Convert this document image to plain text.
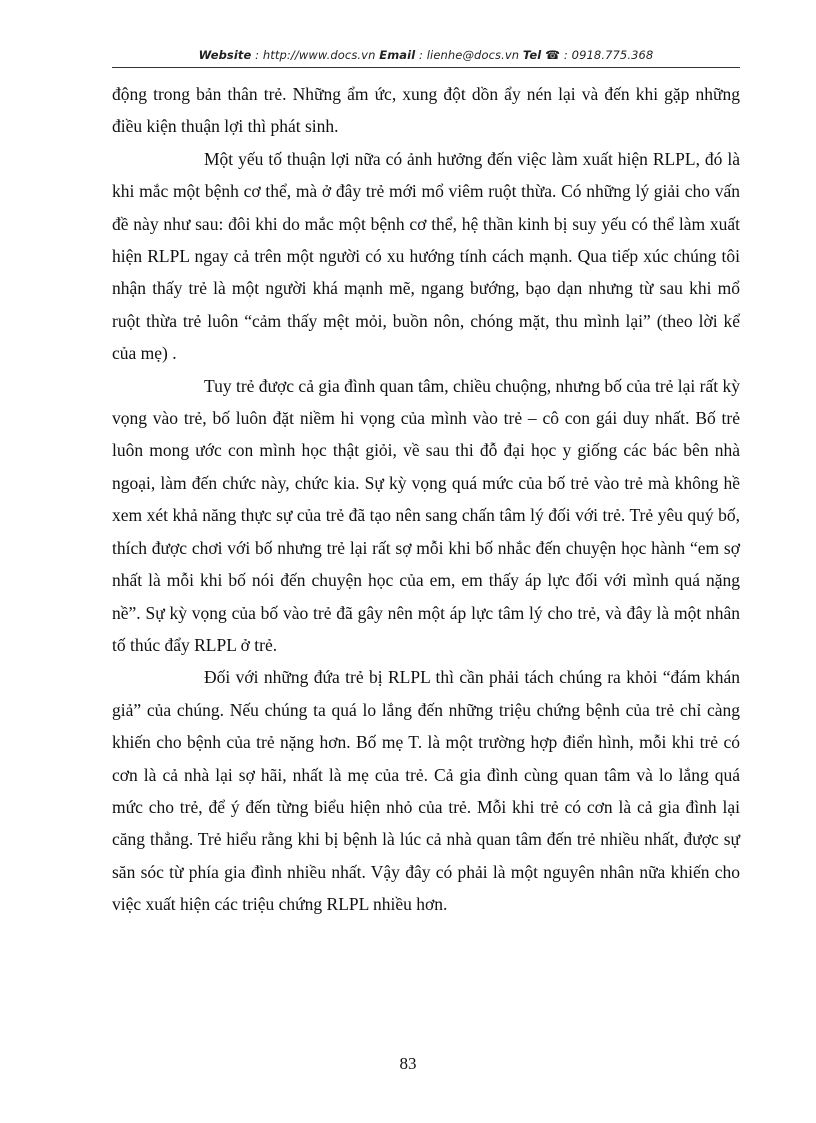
Website : http://www.docs.vn Email : lienhe@docs.vn Tel ☎ : 0918.775.368

động trong bản thân trẻ. Những ẩm ức, xung đột dồn ẩy nén lại và đến khi gặp những điều kiện thuận lợi thì phát sinh.

Một yếu tố thuận lợi nữa có ảnh hưởng đến việc làm xuất hiện RLPL, đó là khi mắc một bệnh cơ thể, mà ở đây trẻ mới mổ viêm ruột thừa. Có những lý giải cho vấn đề này như sau: đôi khi do mắc một bệnh cơ thể, hệ thần kinh bị suy yếu có thể làm xuất hiện RLPL ngay cả trên một người có xu hướng tính cách mạnh. Qua tiếp xúc chúng tôi nhận thấy trẻ là một người khá mạnh mẽ, ngang bướng, bạo dạn nhưng từ sau khi mổ ruột thừa trẻ luôn “cảm thấy mệt mỏi, buồn nôn, chóng mặt, thu mình lại” (theo lời kể của mẹ) .

Tuy trẻ được cả gia đình quan tâm, chiều chuộng, nhưng bố của trẻ lại rất kỳ vọng vào trẻ, bố luôn đặt niềm hi vọng của mình vào trẻ – cô con gái duy nhất. Bố trẻ luôn mong ước con mình học thật giỏi, về sau thi đỗ đại học y giống các bác bên nhà ngoại, làm đến chức này, chức kia. Sự kỳ vọng quá mức của bố trẻ vào trẻ mà không hề xem xét khả năng thực sự của trẻ đã tạo nên sang chấn tâm lý đối với trẻ. Trẻ yêu quý bố, thích được chơi với bố nhưng trẻ lại rất sợ mỗi khi bố nhắc đến chuyện học hành “em sợ nhất là mỗi khi bố nói đến chuyện học của em, em thấy áp lực đối với mình quá nặng nề”. Sự kỳ vọng của bố vào trẻ đã gây nên một áp lực tâm lý cho trẻ, và đây là một nhân tố thúc đẩy RLPL ở trẻ.

Đối với những đứa trẻ bị RLPL thì cần phải tách chúng ra khỏi “đám khán giả” của chúng. Nếu chúng ta quá lo lắng đến những triệu chứng bệnh của trẻ chỉ càng khiến cho bệnh của trẻ nặng hơn. Bố mẹ T. là một trường hợp điển hình, mỗi khi trẻ có cơn là cả nhà lại sợ hãi, nhất là mẹ của trẻ. Cả gia đình cùng quan tâm và lo lắng quá mức cho trẻ, để ý đến từng biểu hiện nhỏ của trẻ. Mỗi khi trẻ có cơn là cả gia đình lại căng thẳng. Trẻ hiểu rằng khi bị bệnh là lúc cả nhà quan tâm đến trẻ nhiều nhất, được sự săn sóc từ phía gia đình nhiều nhất. Vậy đây có phải là một nguyên nhân nữa khiến cho việc xuất hiện các triệu chứng RLPL nhiều hơn.

83
